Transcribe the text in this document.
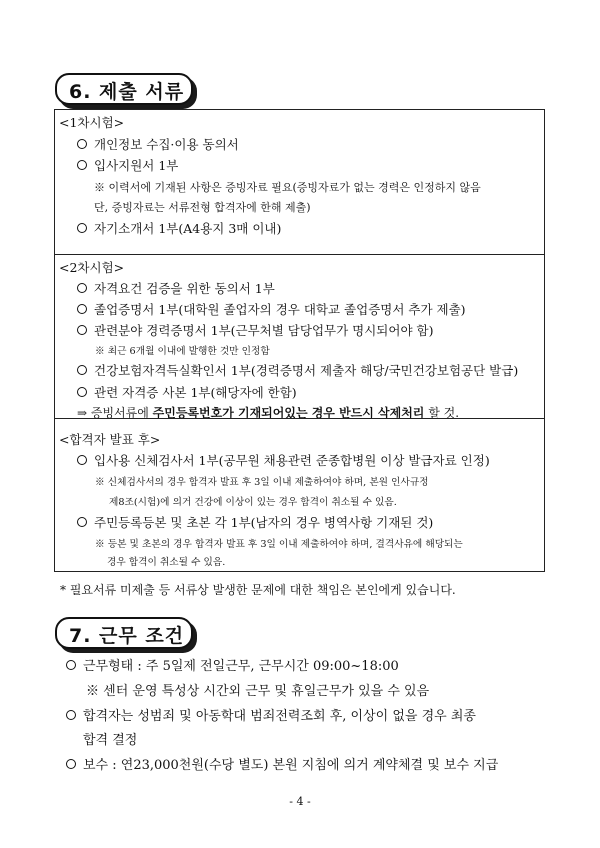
6. 제출 서류
<1차시험>
개인정보 수집·이용 동의서
입사지원서 1부
※ 이력서에 기재된 사항은 증빙자료 필요(증빙자료가 없는 경력은 인정하지 않음
단, 증빙자료는 서류전형 합격자에 한해 제출)
자기소개서 1부(A4용지 3매 이내)
<2차시험>
자격요건 검증을 위한 동의서 1부
졸업증명서 1부(대학원 졸업자의 경우 대학교 졸업증명서 추가 제출)
관련분야 경력증명서 1부(근무처별 담당업무가 명시되어야 함)
※ 최근 6개월 이내에 발행한 것만 인정함
건강보험자격득실확인서 1부(경력증명서 제출자 해당/국민건강보험공단 발급)
관련 자격증 사본 1부(해당자에 한함)
⇒ 증빙서류에 주민등록번호가 기재되어있는 경우 반드시 삭제처리 할 것.
<합격자 발표 후>
입사용 신체검사서 1부(공무원 채용관련 준종합병원 이상 발급자료 인정)
※ 신체검사서의 경우 합격자 발표 후 3일 이내 제출하여야 하며, 본원 인사규정
제8조(시험)에 의거 건강에 이상이 있는 경우 합격이 취소될 수 있음.
주민등록등본 및 초본 각 1부(남자의 경우 병역사항 기재된 것)
※ 등본 및 초본의 경우 합격자 발표 후 3일 이내 제출하여야 하며, 결격사유에 해당되는
경우 합격이 취소될 수 있음.
* 필요서류 미제출 등 서류상 발생한 문제에 대한 책임은 본인에게 있습니다.
7. 근무 조건
근무형태 : 주 5일제 전일근무, 근무시간 09:00~18:00
※ 센터 운영 특성상 시간외 근무 및 휴일근무가 있을 수 있음
합격자는 성범죄 및 아동학대 범죄전력조회 후, 이상이 없을 경우 최종
합격 결정
보수 : 연23,000천원(수당 별도) 본원 지침에 의거 계약체결 및 보수 지급
- 4 -
